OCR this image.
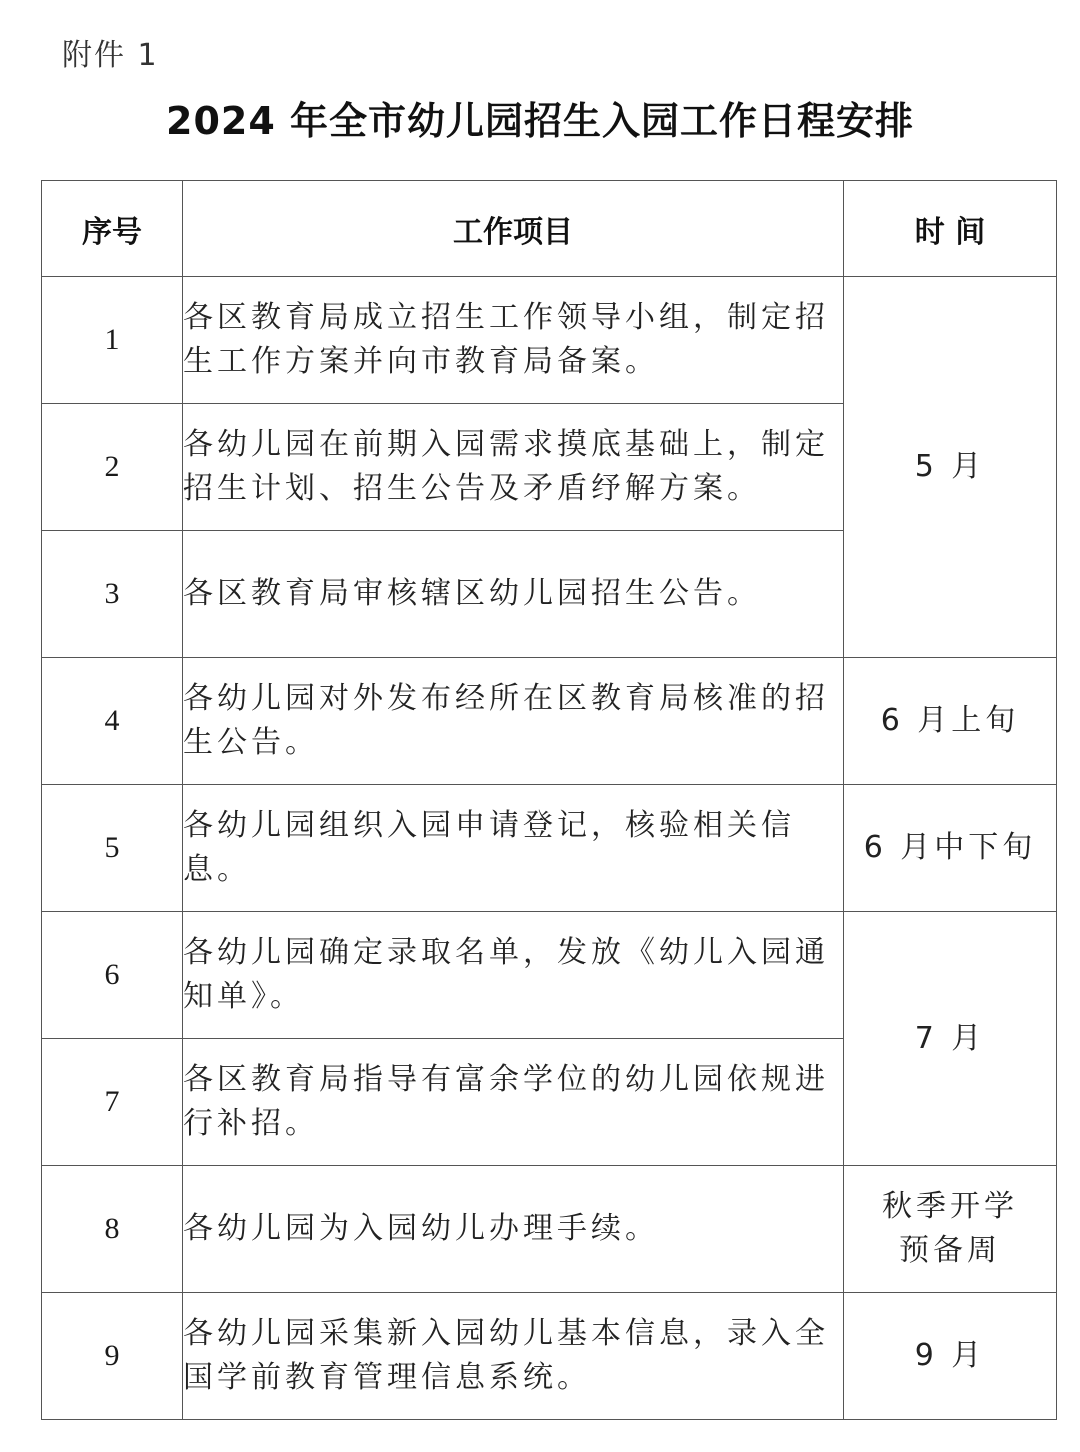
附件 1
2024 年全市幼儿园招生入园工作日程安排
序号	工作项目	时 间
1	各区教育局成立招生工作领导小组，制定招生工作方案并向市教育局备案。	5 月
2	各幼儿园在前期入园需求摸底基础上，制定招生计划、招生公告及矛盾纾解方案。	
3	各区教育局审核辖区幼儿园招生公告。	
4	各幼儿园对外发布经所在区教育局核准的招生公告。	6 月上旬
5	各幼儿园组织入园申请登记，核验相关信息。	6 月中下旬
6	各幼儿园确定录取名单，发放《幼儿入园通知单》。	7 月
7	各区教育局指导有富余学位的幼儿园依规进行补招。	
8	各幼儿园为入园幼儿办理手续。	秋季开学
预备周

9	各幼儿园采集新入园幼儿基本信息，录入全国学前教育管理信息系统。	9 月
